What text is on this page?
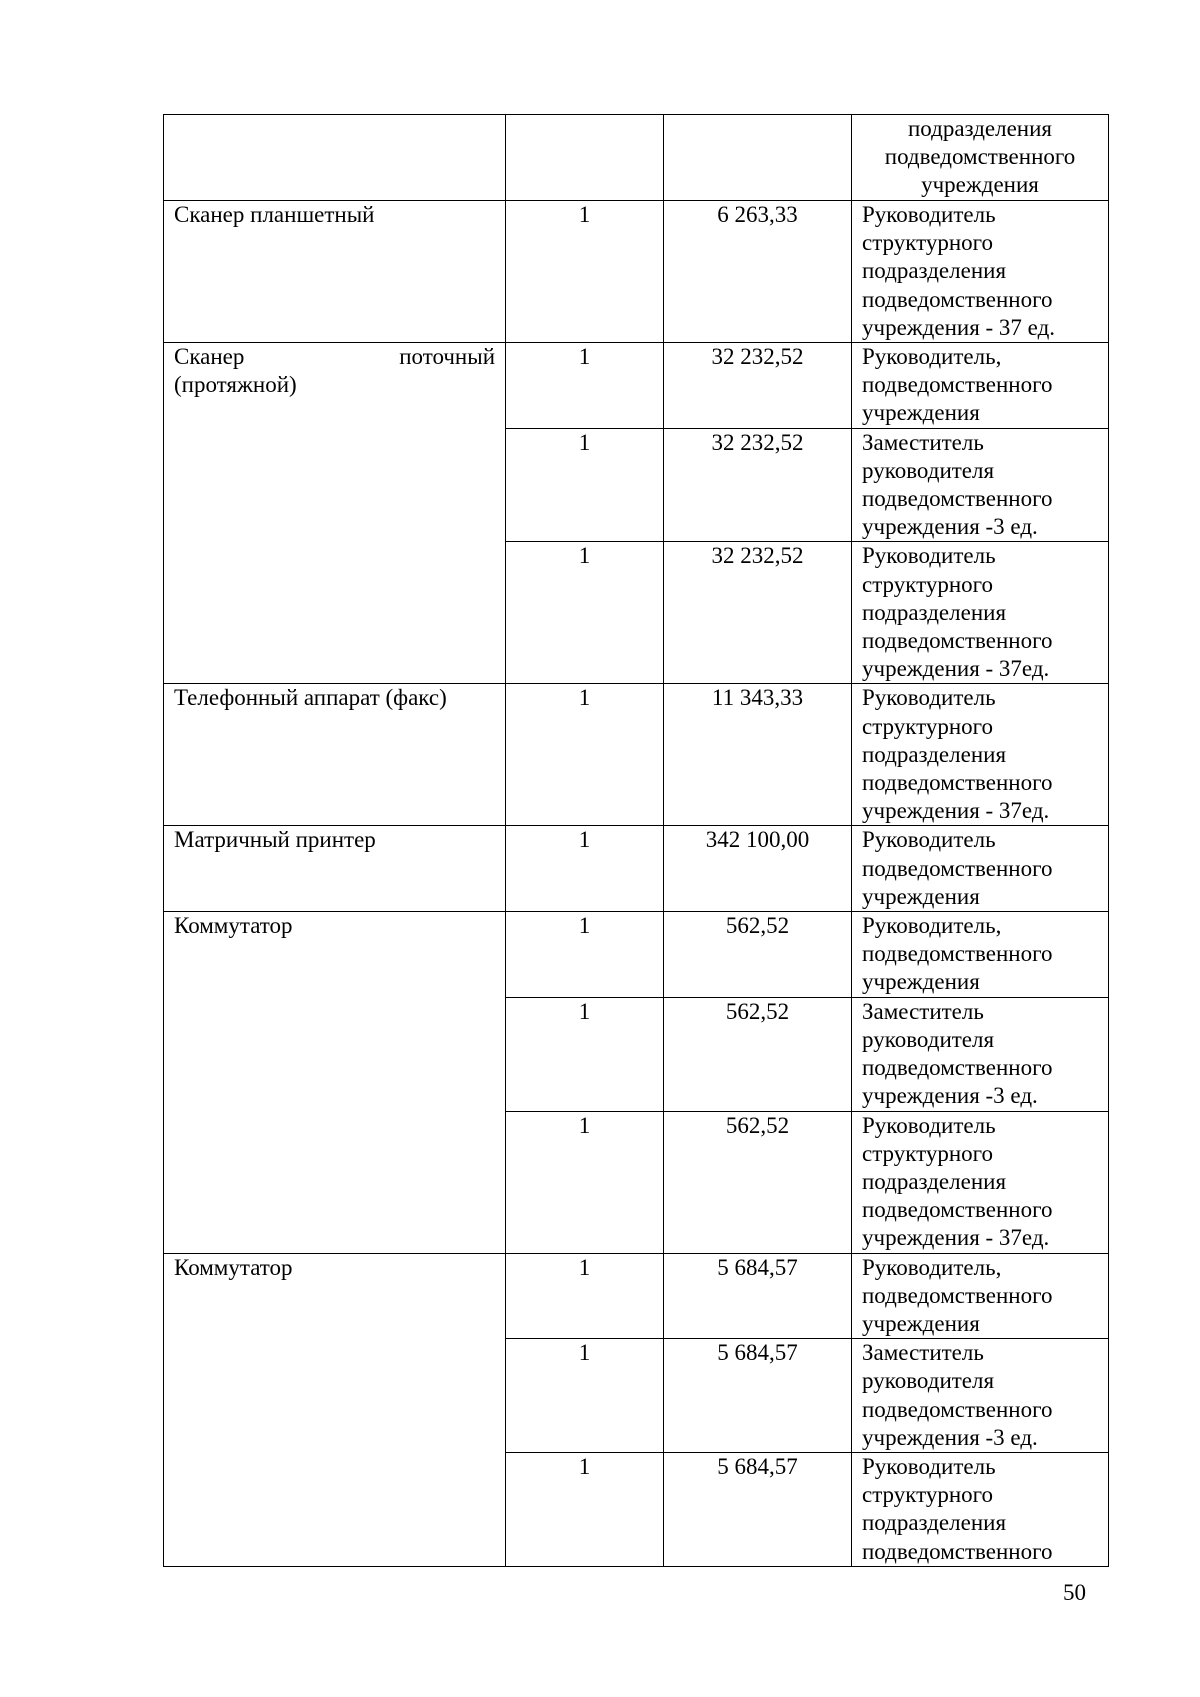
			подразделения
подведомственного
учреждения

Сканер планшетный	1	6 263,33	Руководитель
структурного
подразделения
подведомственного
учреждения - 37 ед.

Сканер поточный
(протяжной)	1	32 232,52	Руководитель,
подведомственного
учреждения

	1	32 232,52	Заместитель
руководителя
подведомственного
учреждения -3 ед.

	1	32 232,52	Руководитель
структурного
подразделения
подведомственного
учреждения - 37ед.

Телефонный аппарат (факс)	1	11 343,33	Руководитель
структурного
подразделения
подведомственного
учреждения - 37ед.

Матричный принтер	1	342 100,00	Руководитель
подведомственного
учреждения

Коммутатор	1	562,52	Руководитель,
подведомственного
учреждения

	1	562,52	Заместитель
руководителя
подведомственного
учреждения -3 ед.

	1	562,52	Руководитель
структурного
подразделения
подведомственного
учреждения - 37ед.

Коммутатор	1	5 684,57	Руководитель,
подведомственного
учреждения

	1	5 684,57	Заместитель
руководителя
подведомственного
учреждения -3 ед.

	1	5 684,57	Руководитель
структурного
подразделения
подведомственного
50
